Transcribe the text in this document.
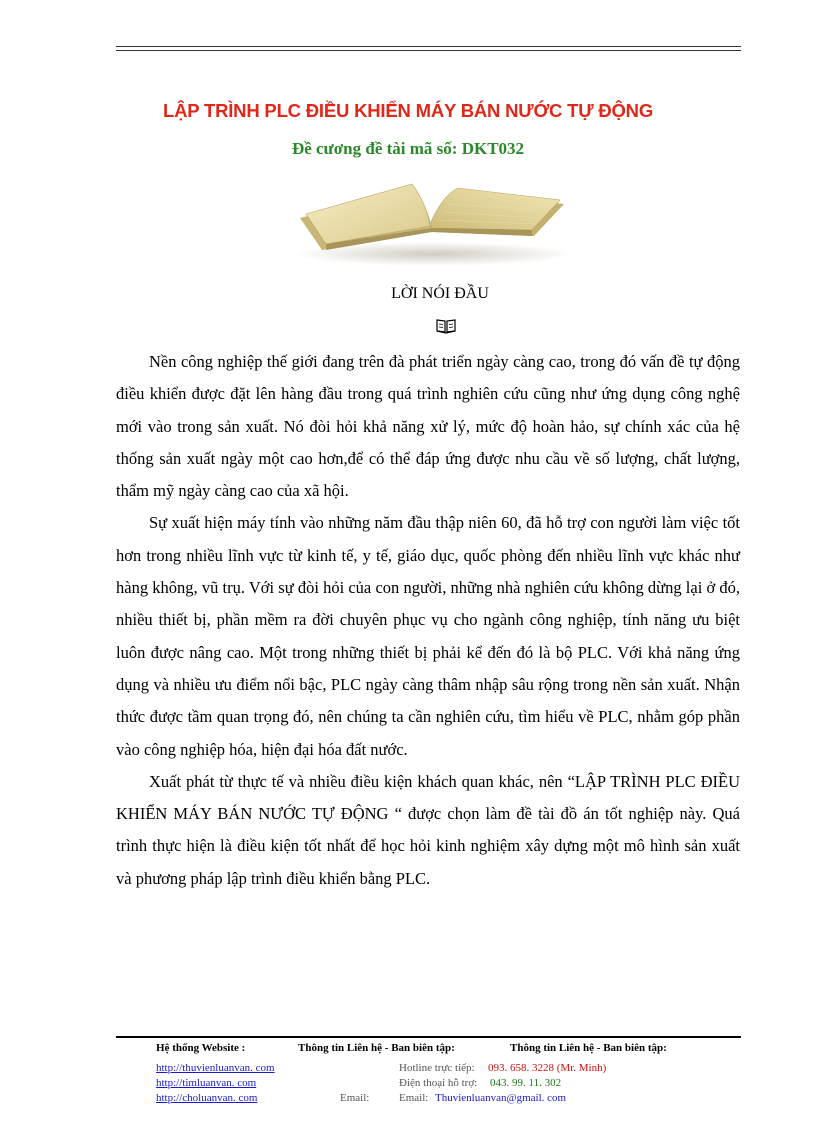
LẬP TRÌNH PLC ĐIỀU KHIỂN MÁY BÁN NƯỚC TỰ ĐỘNG
Đề cương đề tài mã số: DKT032
LỜI NÓI ĐẦU

Nền công nghiệp thế giới đang trên đà phát triển ngày càng cao, trong đó vấn đề tự động điều khiển được đặt lên hàng đầu trong quá trình nghiên cứu cũng như ứng dụng công nghệ mới vào trong sản xuất. Nó đòi hỏi khả năng xử lý, mức độ hoàn hảo, sự chính xác của hệ thống sản xuất ngày một cao hơn,để có thể đáp ứng được nhu cầu về số lượng, chất lượng, thẩm mỹ ngày càng cao của xã hội.

Sự xuất hiện máy tính vào những năm đầu thập niên 60, đã hỗ trợ con người làm việc tốt hơn trong nhiều lĩnh vực từ kinh tế, y tế, giáo dục, quốc phòng đến nhiều lĩnh vực khác như hàng không, vũ trụ. Với sự đòi hỏi của con người, những nhà nghiên cứu không dừng lại ở đó, nhiều thiết bị, phần mềm ra đời chuyên phục vụ cho ngành công nghiệp, tính năng ưu biệt luôn được nâng cao. Một trong những thiết bị phải kể đến đó là bộ PLC. Với khả năng ứng dụng và nhiều ưu điểm nổi bậc, PLC ngày càng thâm nhập sâu rộng trong nền sản xuất. Nhận thức được tầm quan trọng đó, nên chúng ta cần nghiên cứu, tìm hiểu về PLC, nhằm góp phần vào công nghiệp hóa, hiện đại hóa đất nước.

Xuất phát từ thực tế và nhiều điều kiện khách quan khác, nên “LẬP TRÌNH PLC ĐIỀU KHIỂN MÁY BÁN NƯỚC TỰ ĐỘNG “ được chọn làm đề tài đồ án tốt nghiệp này. Quá trình thực hiện là điều kiện tốt nhất để học hỏi kinh nghiệm xây dựng một mô hình sản xuất và phương pháp lập trình điều khiển bằng PLC.

Hệ thống Website :	Thông tin Liên hệ - Ban biên tập:	Thông tin Liên hệ - Ban biên tập:
http://thuvienluanvan. com
http://timluanvan. com
http://choluanvan. com
Hotline trực tiếp: 093. 658. 3228 (Mr. Minh)
Điện thoại hỗ trợ: 043. 99. 11. 302
Email:	Email: Thuvienluanvan@gmail. com
